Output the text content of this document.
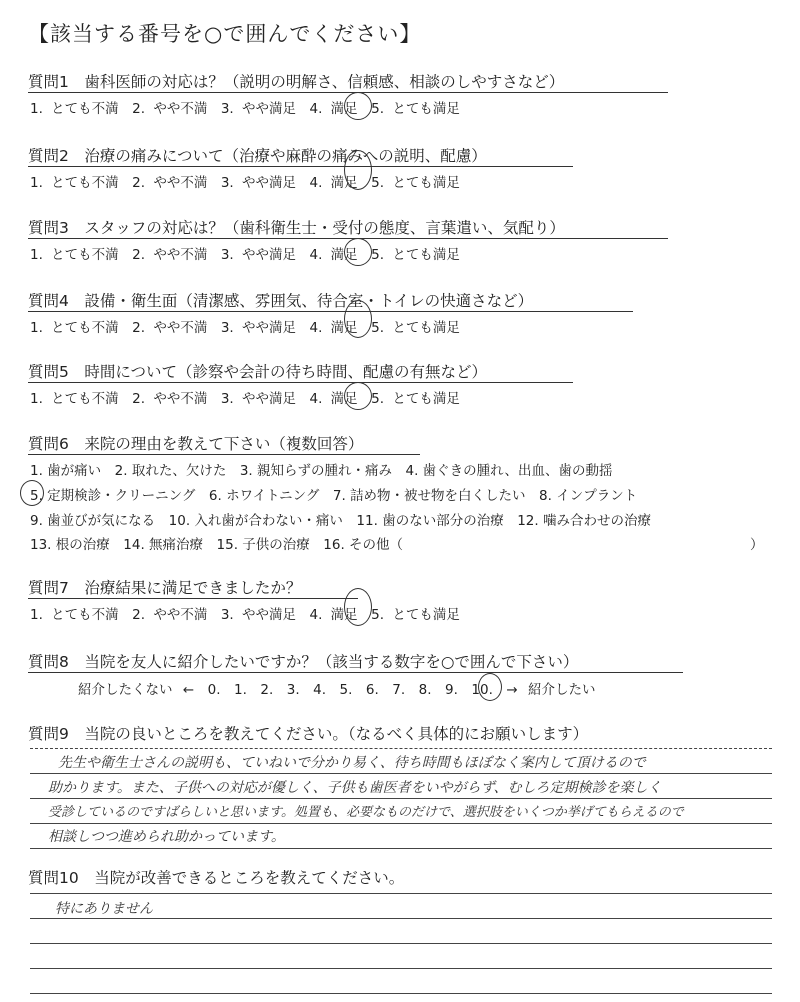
【該当する番号を○で囲んでください】
質問1　歯科医師の対応は？（説明の明解さ、信頼感、相談のしやすさなど）
1. とても不満　2. やや不満　3. やや満足　4. 満足　5. とても満足
質問2　治療の痛みについて（治療や麻酔の痛みへの説明、配慮）
1. とても不満　2. やや不満　3. やや満足　4. 満足　5. とても満足
質問3　スタッフの対応は？（歯科衛生士・受付の態度、言葉遣い、気配り）
1. とても不満　2. やや不満　3. やや満足　4. 満足　5. とても満足
質問4　設備・衛生面（清潔感、雰囲気、待合室・トイレの快適さなど）
1. とても不満　2. やや不満　3. やや満足　4. 満足　5. とても満足
質問5　時間について（診察や会計の待ち時間、配慮の有無など）
1. とても不満　2. やや不満　3. やや満足　4. 満足　5. とても満足
質問6　来院の理由を教えて下さい（複数回答）
1. 歯が痛い　2. 取れた、欠けた　3. 親知らずの腫れ・痛み　4. 歯ぐきの腫れ、出血、歯の動揺
5. 定期検診・クリーニング　6. ホワイトニング　7. 詰め物・被せ物を白くしたい　8. インプラント
9. 歯並びが気になる　10. 入れ歯が合わない・痛い　11. 歯のない部分の治療　12. 噛み合わせの治療
13. 根の治療　14. 無痛治療　15. 子供の治療　16. その他（	）
質問7　治療結果に満足できましたか？
1. とても不満　2. やや不満　3. やや満足　4. 満足　5. とても満足
質問8　当院を友人に紹介したいですか？（該当する数字を○で囲んで下さい）
紹介したくない ←　0.　1.　2.　3.　4.　5.　6.　7.　8.　9.　10.　→ 紹介したい
質問9　当院の良いところを教えてください。（なるべく具体的にお願いします）
先生や衛生士さんの説明も、ていねいで分かり易く、待ち時間もほぼなく案内して頂けるので
助かります。また、子供への対応が優しく、子供も歯医者をいやがらず、むしろ定期検診を楽しく
受診しているのですばらしいと思います。処置も、必要なものだけで、選択肢をいくつか挙げてもらえるので
相談しつつ進められ助かっています。
質問10　当院が改善できるところを教えてください。
特にありません
